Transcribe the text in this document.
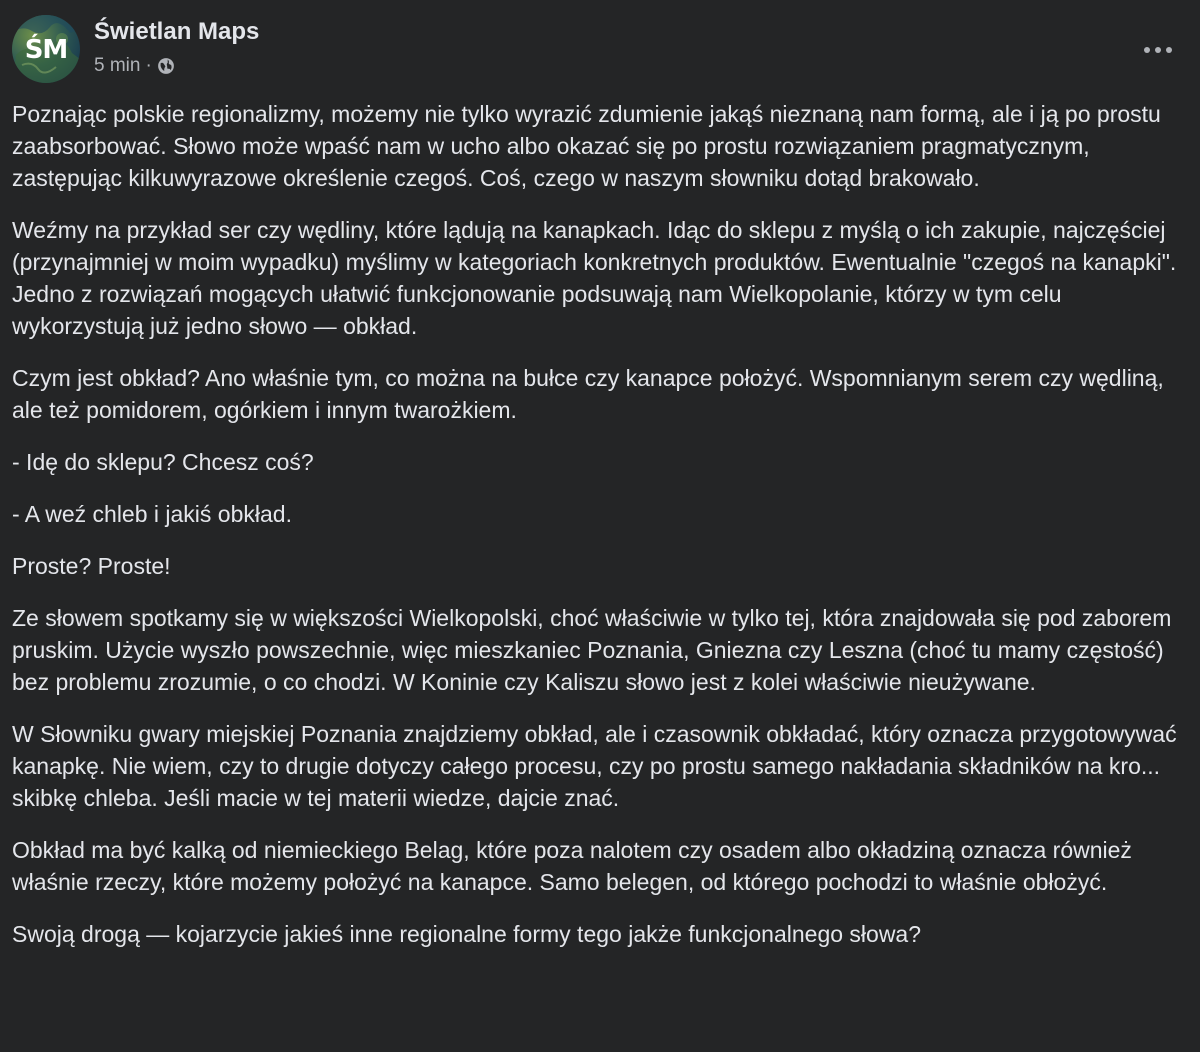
ŚM
Świetlan Maps
5 min ·

Poznając polskie regionalizmy, możemy nie tylko wyrazić zdumienie jakąś nieznaną nam formą, ale i ją po prostu zaabsorbować. Słowo może wpaść nam w ucho albo okazać się po prostu rozwiązaniem pragmatycznym, zastępując kilkuwyrazowe określenie czegoś. Coś, czego w naszym słowniku dotąd brakowało.

Weźmy na przykład ser czy wędliny, które lądują na kanapkach. Idąc do sklepu z myślą o ich zakupie, najczęściej (przynajmniej w moim wypadku) myślimy w kategoriach konkretnych produktów. Ewentualnie "czegoś na kanapki". Jedno z rozwiązań mogących ułatwić funkcjonowanie podsuwają nam Wielkopolanie, którzy w tym celu wykorzystują już jedno słowo — obkład.

Czym jest obkład? Ano właśnie tym, co można na bułce czy kanapce położyć. Wspomnianym serem czy wędliną, ale też pomidorem, ogórkiem i innym twarożkiem.

- Idę do sklepu? Chcesz coś?

- A weź chleb i jakiś obkład.

Proste? Proste!

Ze słowem spotkamy się w większości Wielkopolski, choć właściwie w tylko tej, która znajdowała się pod zaborem pruskim. Użycie wyszło powszechnie, więc mieszkaniec Poznania, Gniezna czy Leszna (choć tu mamy częstość) bez problemu zrozumie, o co chodzi. W Koninie czy Kaliszu słowo jest z kolei właściwie nieużywane.

W Słowniku gwary miejskiej Poznania znajdziemy obkład, ale i czasownik obkładać, który oznacza przygotowywać kanapkę. Nie wiem, czy to drugie dotyczy całego procesu, czy po prostu samego nakładania składników na kro... skibkę chleba. Jeśli macie w tej materii wiedze, dajcie znać.

Obkład ma być kalką od niemieckiego Belag, które poza nalotem czy osadem albo okładziną oznacza również właśnie rzeczy, które możemy położyć na kanapce. Samo belegen, od którego pochodzi to właśnie obłożyć.

Swoją drogą — kojarzycie jakieś inne regionalne formy tego jakże funkcjonalnego słowa?
